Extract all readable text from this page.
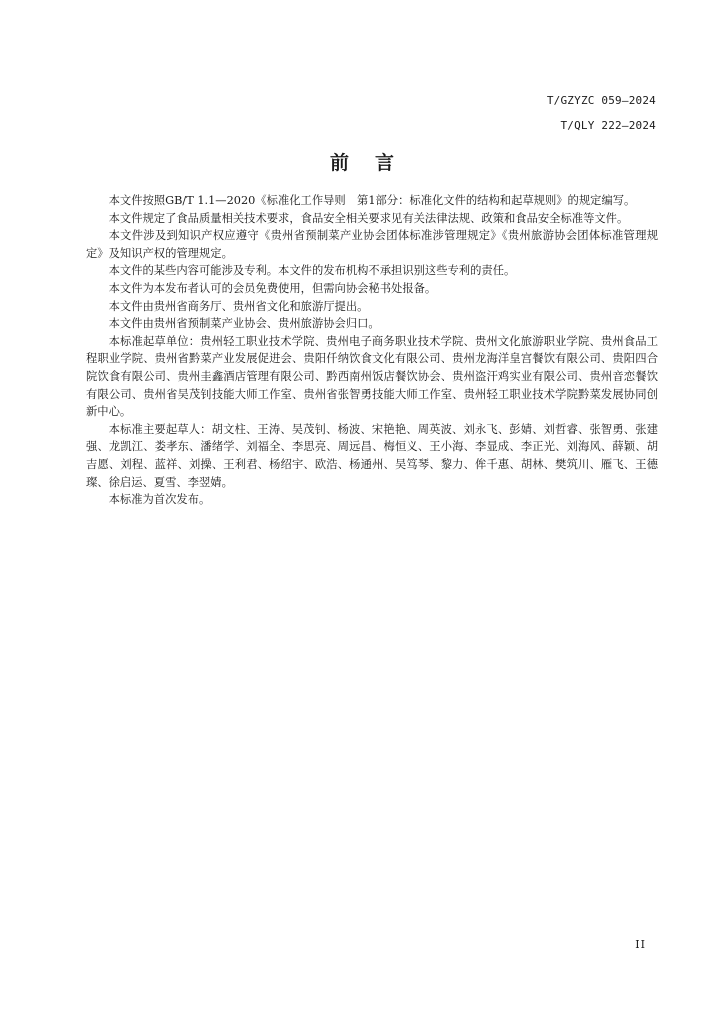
T/GZYZC 059—2024
T/QLY 222—2024
前言

本文件按照GB/T 1.1—2020《标准化工作导则　第1部分：标准化文件的结构和起草规则》的规定编写。

本文件规定了食品质量相关技术要求，食品安全相关要求见有关法律法规、政策和食品安全标准等文件。

本文件涉及到知识产权应遵守《贵州省预制菜产业协会团体标准涉管理规定》《贵州旅游协会团体标准管理规定》及知识产权的管理规定。

本文件的某些内容可能涉及专利。本文件的发布机构不承担识别这些专利的责任。

本文件为本发布者认可的会员免费使用，但需向协会秘书处报备。

本文件由贵州省商务厅、贵州省文化和旅游厅提出。

本文件由贵州省预制菜产业协会、贵州旅游协会归口。

本标准起草单位：贵州轻工职业技术学院、贵州电子商务职业技术学院、贵州文化旅游职业学院、贵州食品工程职业学院、贵州省黔菜产业发展促进会、贵阳仟纳饮食文化有限公司、贵州龙海洋皇宫餐饮有限公司、贵阳四合院饮食有限公司、贵州圭鑫酒店管理有限公司、黔西南州饭店餐饮协会、贵州盗汗鸡实业有限公司、贵州音恋餐饮有限公司、贵州省吴茂钊技能大师工作室、贵州省张智勇技能大师工作室、贵州轻工职业技术学院黔菜发展协同创新中心。

本标准主要起草人：胡文柱、王涛、吴茂钊、杨波、宋艳艳、周英波、刘永飞、彭婧、刘哲睿、张智勇、张建强、龙凯江、娄孝东、潘绪学、刘福全、李思亮、周远昌、梅恒义、王小海、李显成、李正光、刘海风、薛颖、胡吉愿、刘程、蓝祥、刘操、王利君、杨绍宇、欧浩、杨通州、吴笃琴、黎力、侔千惠、胡林、樊筑川、雁飞、王德璨、徐启运、夏雪、李翌婧。

本标准为首次发布。

II
